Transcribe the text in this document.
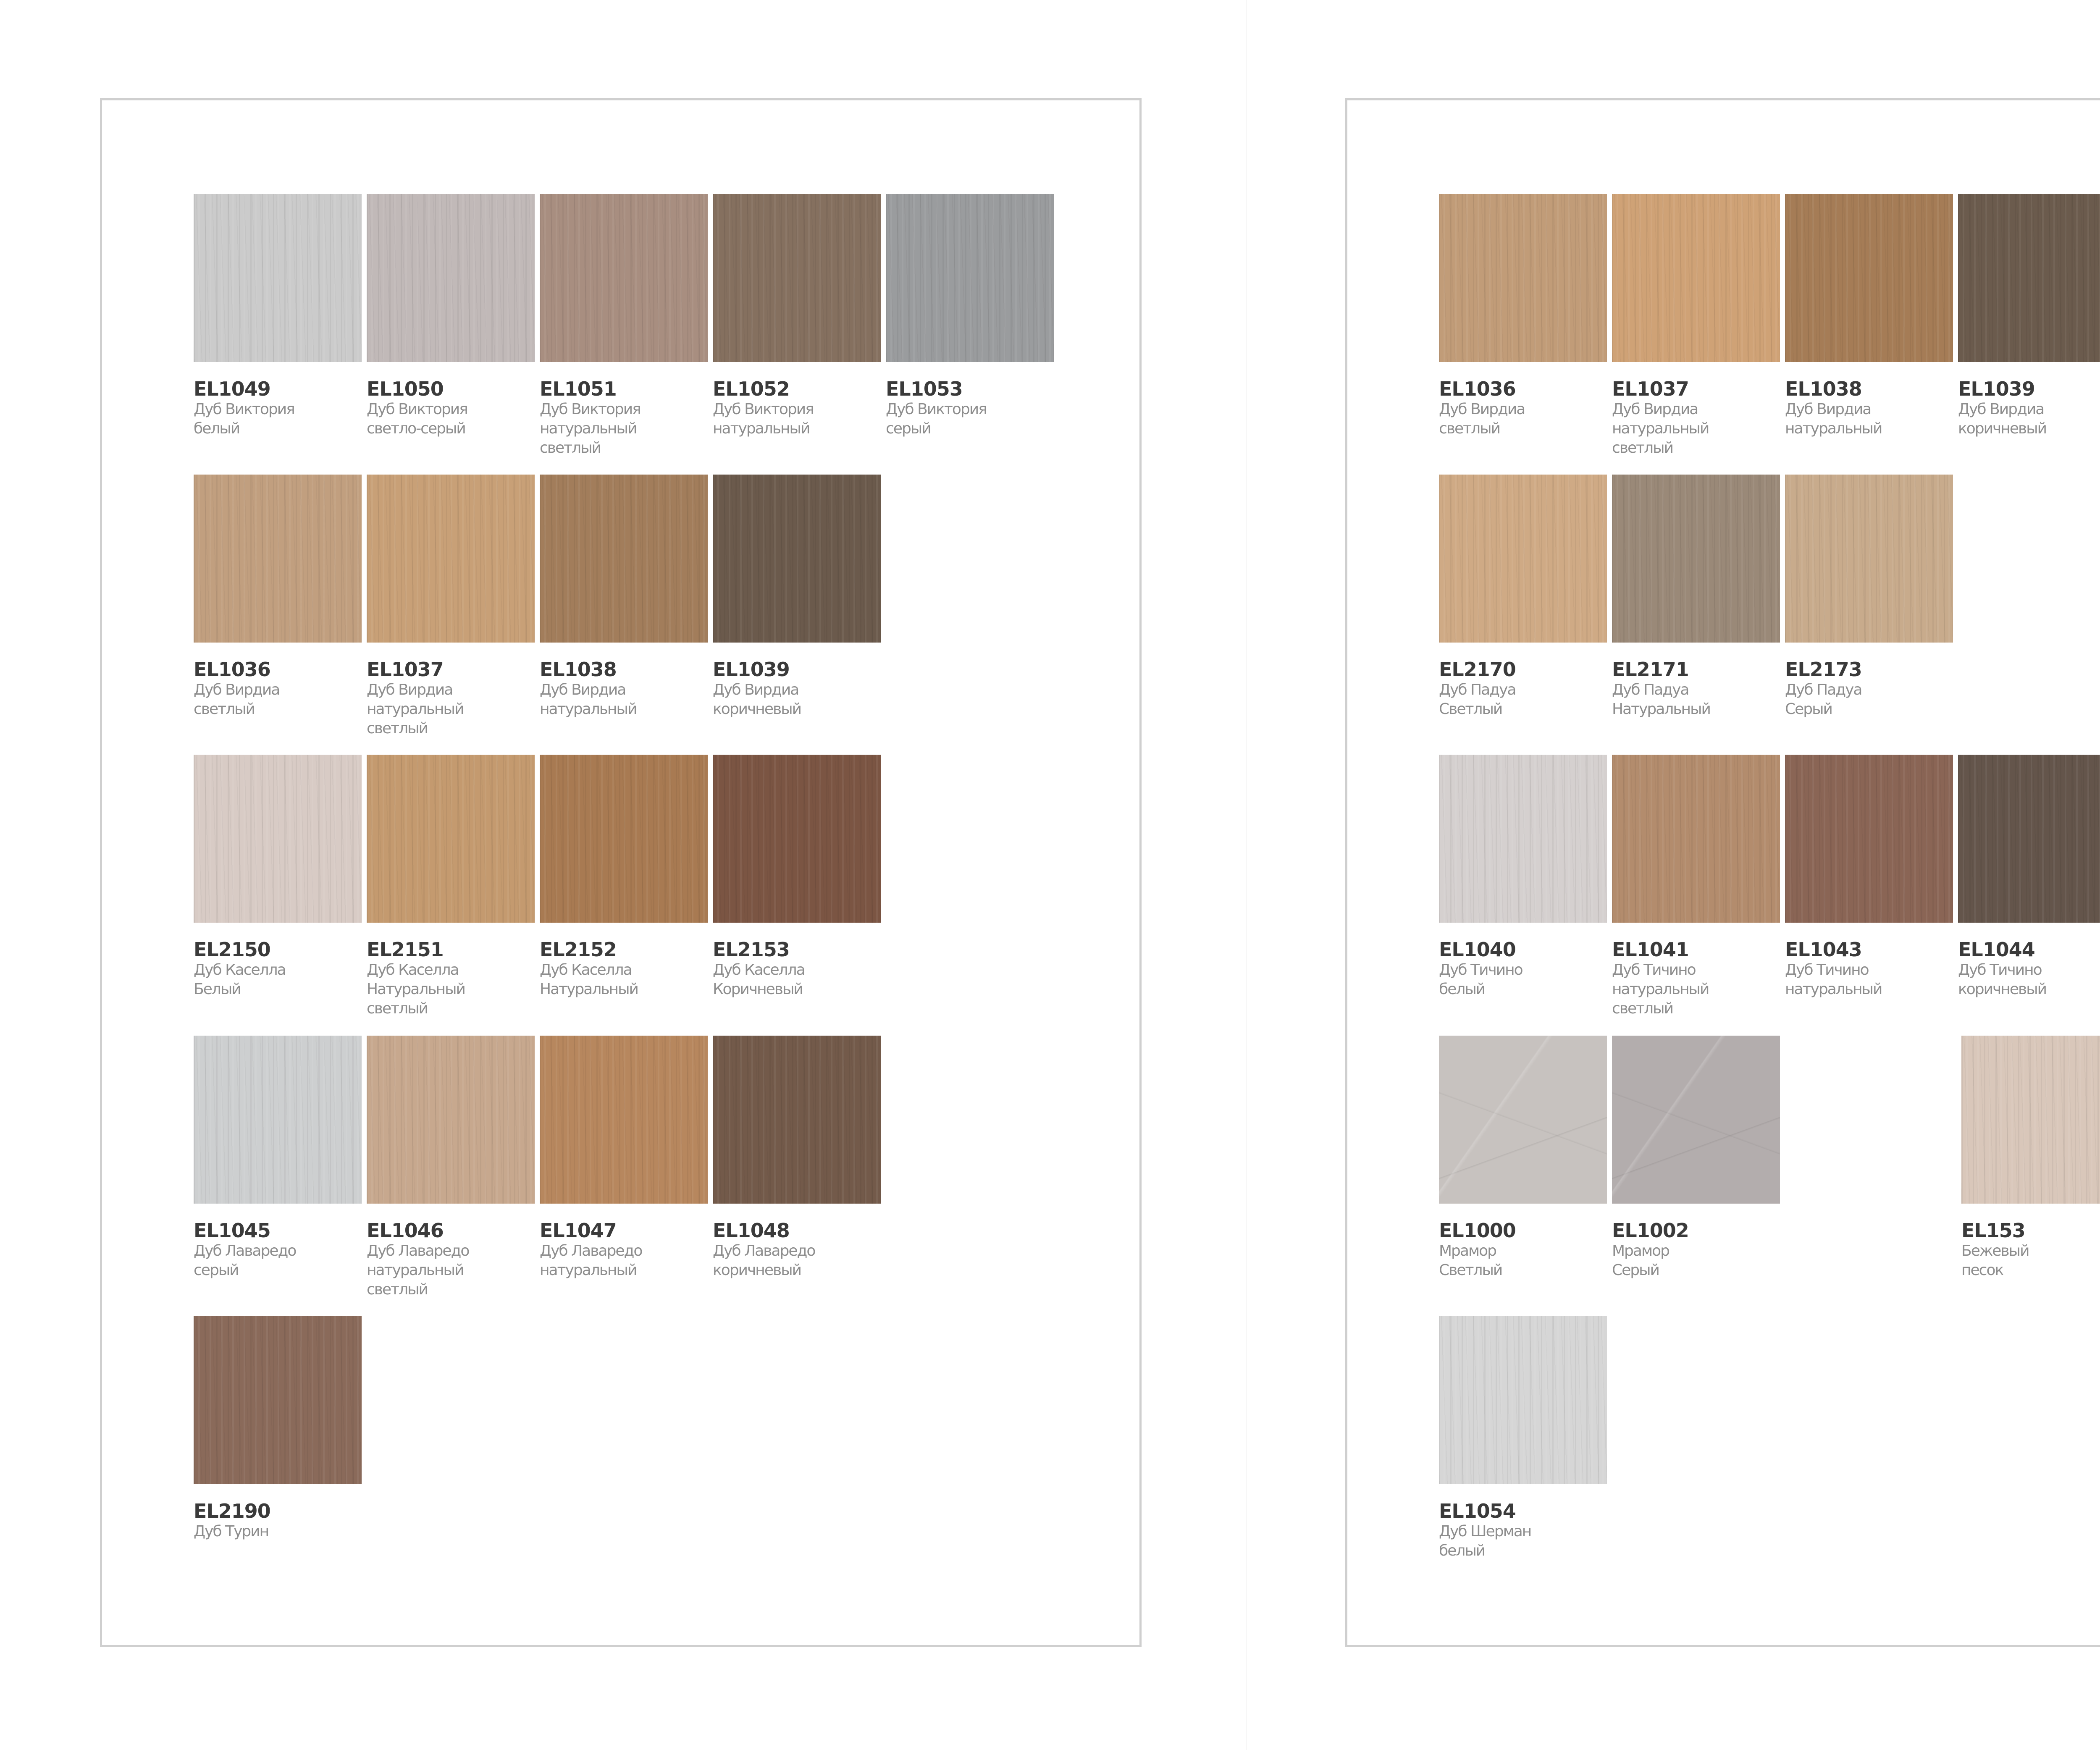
EL1049
Дуб Виктория
белый
EL1050
Дуб Виктория
светло-серый
EL1051
Дуб Виктория
натуральный
светлый
EL1052
Дуб Виктория
натуральный
EL1053
Дуб Виктория
серый
EL1036
Дуб Вирдиа
светлый
EL1037
Дуб Вирдиа
натуральный
светлый
EL1038
Дуб Вирдиа
натуральный
EL1039
Дуб Вирдиа
коричневый
EL2150
Дуб Каселла
Белый
EL2151
Дуб Каселла
Натуральный
светлый
EL2152
Дуб Каселла
Натуральный
EL2153
Дуб Каселла
Коричневый
EL1045
Дуб Лаваредо
серый
EL1046
Дуб Лаваредо
натуральный
светлый
EL1047
Дуб Лаваредо
натуральный
EL1048
Дуб Лаваредо
коричневый
EL2190
Дуб Турин
EL1036
Дуб Вирдиа
светлый
EL1037
Дуб Вирдиа
натуральный
светлый
EL1038
Дуб Вирдиа
натуральный
EL1039
Дуб Вирдиа
коричневый
EL2170
Дуб Падуа
Светлый
EL2171
Дуб Падуа
Натуральный
EL2173
Дуб Падуа
Серый
EL1040
Дуб Тичино
белый
EL1041
Дуб Тичино
натуральный
светлый
EL1043
Дуб Тичино
натуральный
EL1044
Дуб Тичино
коричневый
EL1000
Мрамор
Светлый
EL1002
Мрамор
Серый
EL153
Бежевый
песок
EL1054
Дуб Шерман
белый
